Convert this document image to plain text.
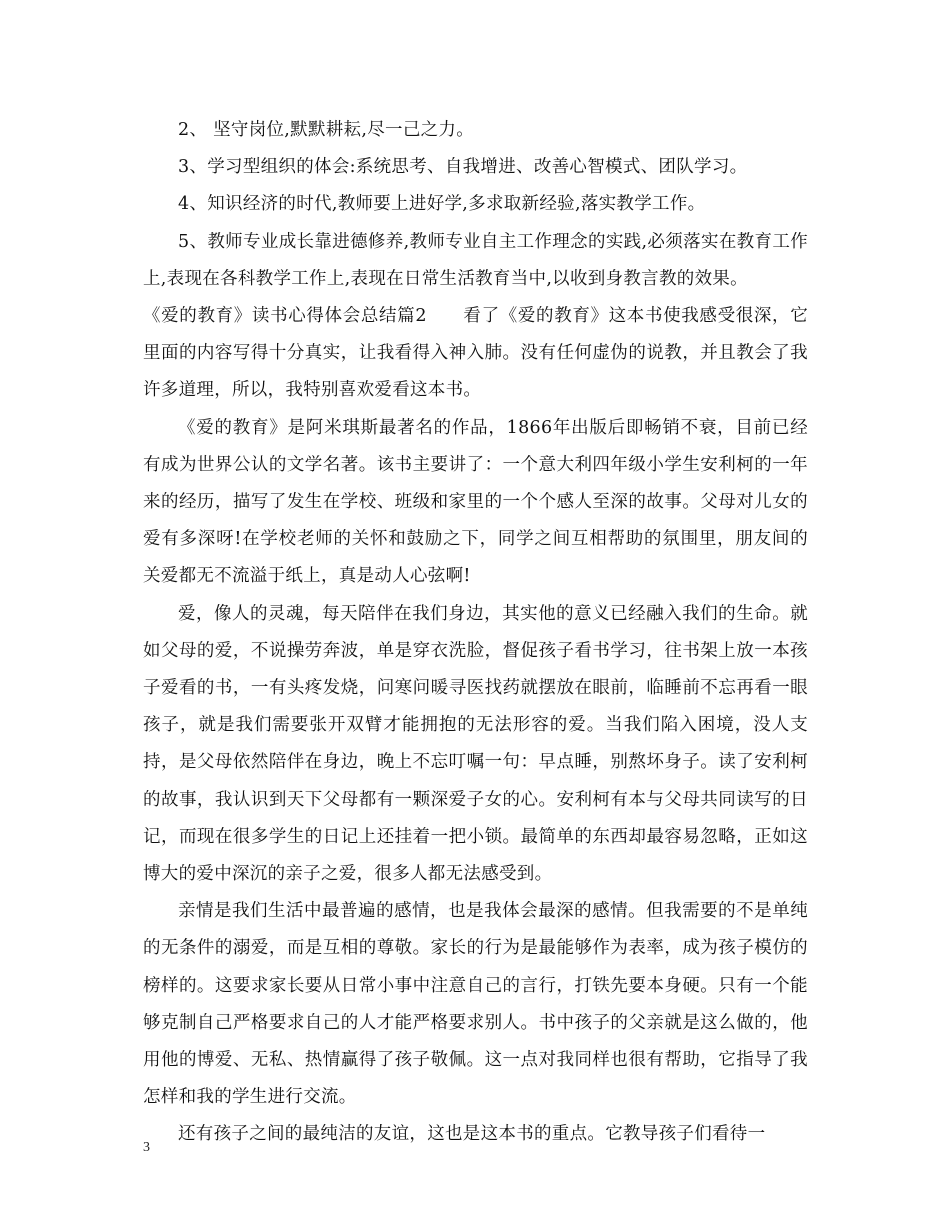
2、 坚守岗位,默默耕耘,尽一己之力。

3、学习型组织的体会:系统思考、自我增进、改善心智模式、团队学习。

4、知识经济的时代,教师要上进好学,多求取新经验,落实教学工作。

5、教师专业成长靠进德修养,教师专业自主工作理念的实践,必须落实在教育工作上,表现在各科教学工作上,表现在日常生活教育当中,以收到身教言教的效果。

《爱的教育》读书心得体会总结篇2　　看了《爱的教育》这本书使我感受很深，它里面的内容写得十分真实，让我看得入神入肺。没有任何虚伪的说教，并且教会了我许多道理，所以，我特别喜欢爱看这本书。

《爱的教育》是阿米琪斯最著名的作品，1866年出版后即畅销不衰，目前已经有成为世界公认的文学名著。该书主要讲了：一个意大利四年级小学生安利柯的一年来的经历，描写了发生在学校、班级和家里的一个个感人至深的故事。父母对儿女的爱有多深呀!在学校老师的关怀和鼓励之下，同学之间互相帮助的氛围里，朋友间的关爱都无不流溢于纸上，真是动人心弦啊!

爱，像人的灵魂，每天陪伴在我们身边，其实他的意义已经融入我们的生命。就如父母的爱，不说操劳奔波，单是穿衣洗脸，督促孩子看书学习，往书架上放一本孩子爱看的书，一有头疼发烧，问寒问暖寻医找药就摆放在眼前，临睡前不忘再看一眼孩子，就是我们需要张开双臂才能拥抱的无法形容的爱。当我们陷入困境，没人支持，是父母依然陪伴在身边，晚上不忘叮嘱一句：早点睡，别熬坏身子。读了安利柯的故事，我认识到天下父母都有一颗深爱子女的心。安利柯有本与父母共同读写的日记，而现在很多学生的日记上还挂着一把小锁。最简单的东西却最容易忽略，正如这博大的爱中深沉的亲子之爱，很多人都无法感受到。

亲情是我们生活中最普遍的感情，也是我体会最深的感情。但我需要的不是单纯的无条件的溺爱，而是互相的尊敬。家长的行为是最能够作为表率，成为孩子模仿的榜样的。这要求家长要从日常小事中注意自己的言行，打铁先要本身硬。只有一个能够克制自己严格要求自己的人才能严格要求别人。书中孩子的父亲就是这么做的，他用他的博爱、无私、热情赢得了孩子敬佩。这一点对我同样也很有帮助，它指导了我怎样和我的学生进行交流。

还有孩子之间的最纯洁的友谊，这也是这本书的重点。它教导孩子们看待一

3
